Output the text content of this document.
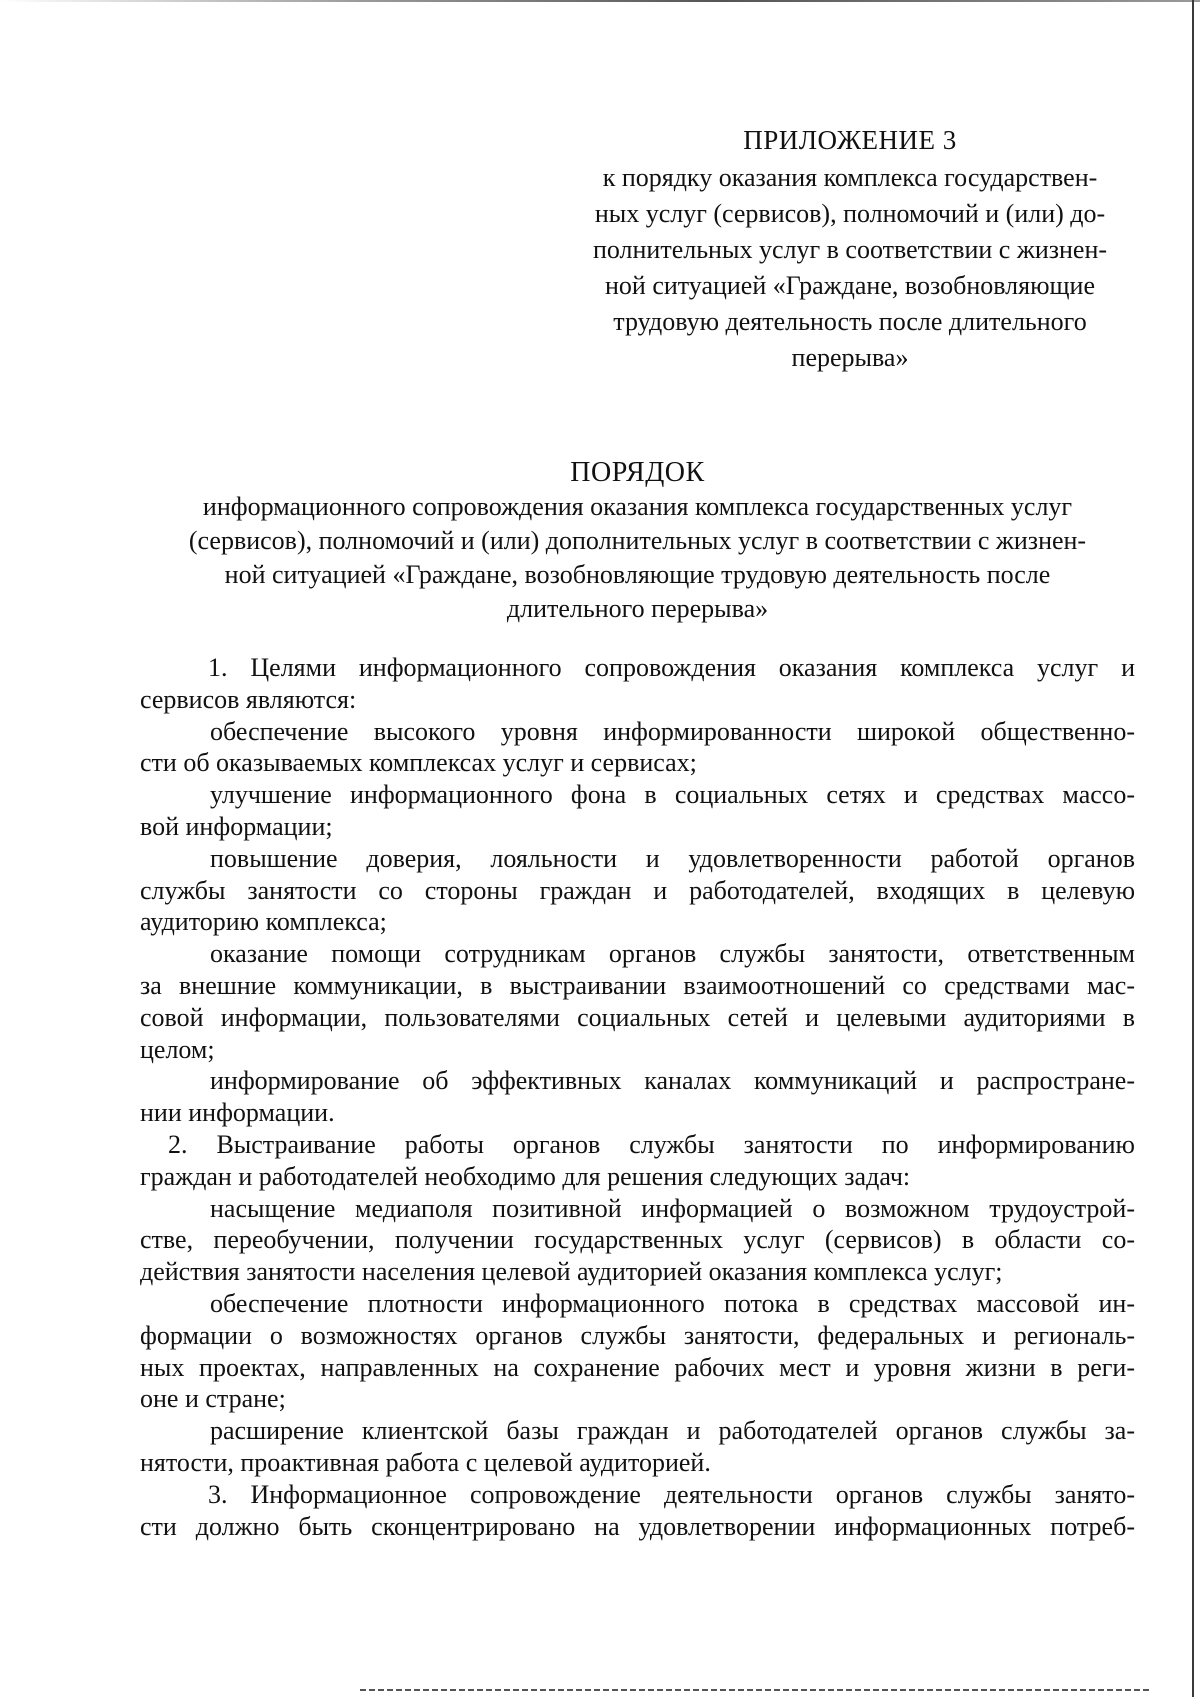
ПРИЛОЖЕНИЕ 3
к порядку оказания комплекса государствен-
ных услуг (сервисов), полномочий и (или) до-
полнительных услуг в соответствии с жизнен-
ной ситуацией «Граждане, возобновляющие
трудовую деятельность после длительного
перерыва»
ПОРЯДОК
информационного сопровождения оказания комплекса государственных услуг
(сервисов), полномочий и (или) дополнительных услуг в соответствии с жизнен-
ной ситуацией «Граждане, возобновляющие трудовую деятельность после
длительного перерыва»
1. Целями информационного сопровождения оказания комплекса услуг и
сервисов являются:
обеспечение высокого уровня информированности широкой общественно-
сти об оказываемых комплексах услуг и сервисах;
улучшение информационного фона в социальных сетях и средствах массо-
вой информации;
повышение доверия, лояльности и удовлетворенности работой органов
службы занятости со стороны граждан и работодателей, входящих в целевую
аудиторию комплекса;
оказание помощи сотрудникам органов службы занятости, ответственным
за внешние коммуникации, в выстраивании взаимоотношений со средствами мас-
совой информации, пользователями социальных сетей и целевыми аудиториями в
целом;
информирование об эффективных каналах коммуникаций и распростране-
нии информации.
2. Выстраивание работы органов службы занятости по информированию
граждан и работодателей необходимо для решения следующих задач:
насыщение медиаполя позитивной информацией о возможном трудоустрой-
стве, переобучении, получении государственных услуг (сервисов) в области со-
действия занятости населения целевой аудиторией оказания комплекса услуг;
обеспечение плотности информационного потока в средствах массовой ин-
формации о возможностях органов службы занятости, федеральных и региональ-
ных проектах, направленных на сохранение рабочих мест и уровня жизни в реги-
оне и стране;
расширение клиентской базы граждан и работодателей органов службы за-
нятости, проактивная работа с целевой аудиторией.
3. Информационное сопровождение деятельности органов службы занято-
сти должно быть сконцентрировано на удовлетворении информационных потреб-
